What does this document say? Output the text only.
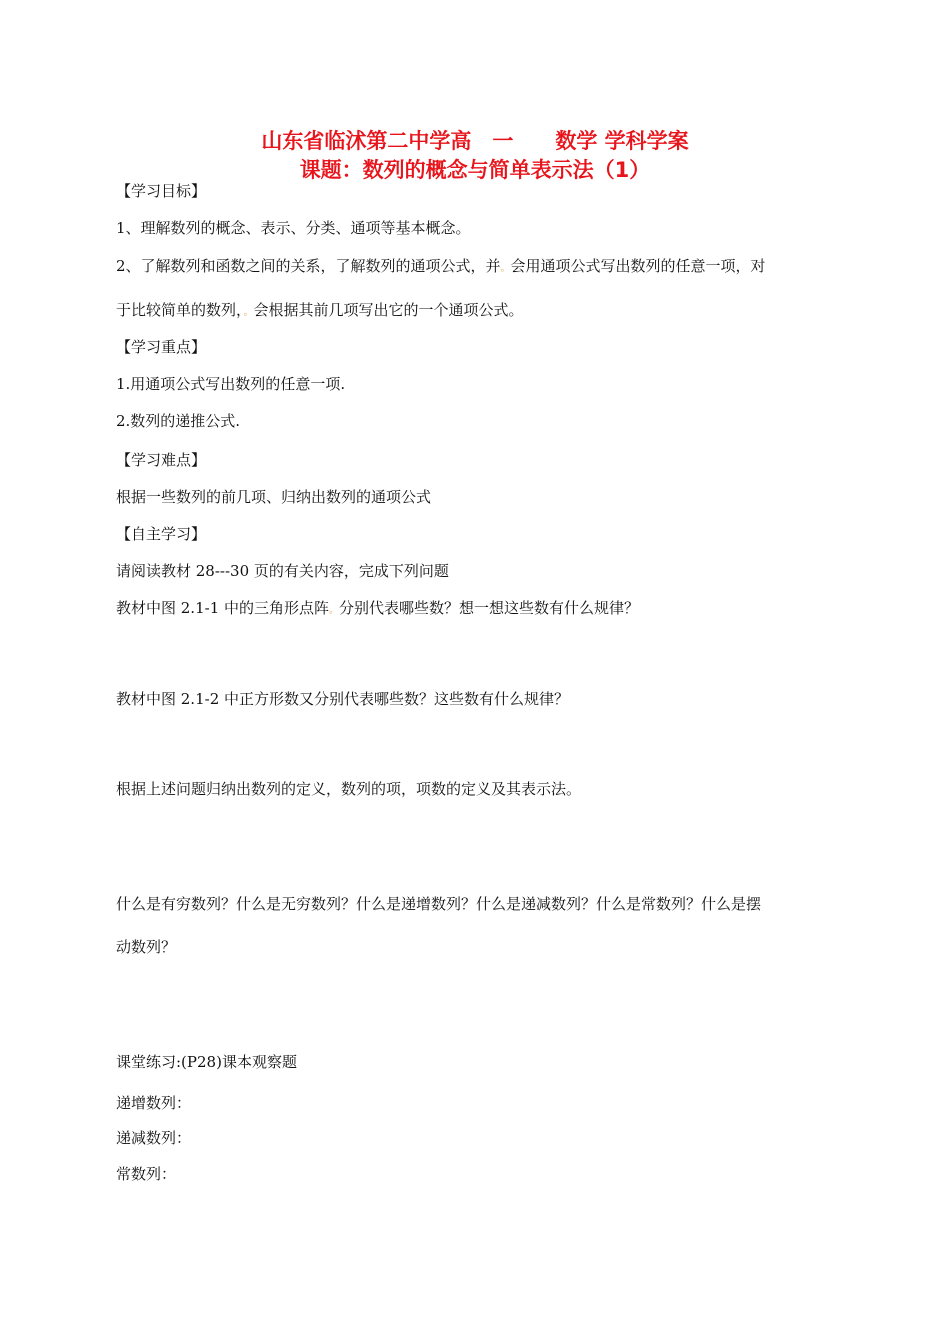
山东省临沭第二中学高　一　　数学 学科学案
课题：数列的概念与简单表示法（1）
【学习目标】
1、理解数列的概念、表示、分类、通项等基本概念。
2、了解数列和函数之间的关系，了解数列的通项公式，并。会用通项公式写出数列的任意一项，对
于比较简单的数列，。会根据其前几项写出它的一个通项公式。
【学习重点】
1.用通项公式写出数列的任意一项.
2.数列的递推公式.
【学习难点】
根据一些数列的前几项、归纳出数列的通项公式
【自主学习】
请阅读教材 28---30 页的有关内容，完成下列问题
教材中图 2.1-1 中的三角形点阵。分别代表哪些数？想一想这些数有什么规律？
教材中图 2.1-2 中正方形数又分别代表哪些数？这些数有什么规律？
根据上述问题归纳出数列的定义，数列的项，项数的定义及其表示法。
什么是有穷数列？什么是无穷数列？什么是递增数列？什么是递减数列？什么是常数列？什么是摆
动数列？
课堂练习:(P28)课本观察题
递增数列：
递减数列：
常数列：
